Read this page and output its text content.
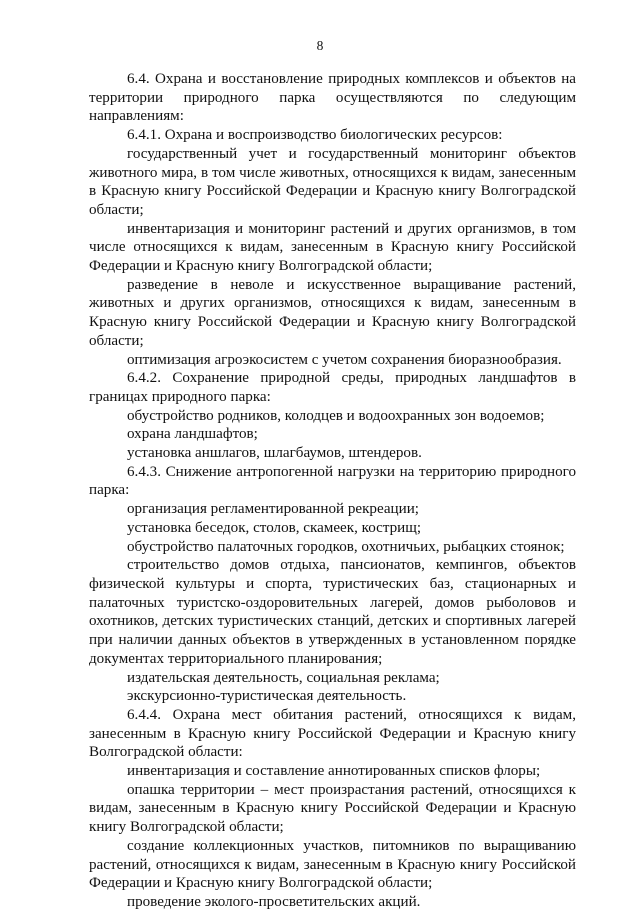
8

6.4. Охрана и восстановление природных комплексов и объектов на территории природного парка осуществляются по следующим направлениям:

6.4.1. Охрана и воспроизводство биологических ресурсов:

государственный учет и государственный мониторинг объектов животного мира, в том числе животных, относящихся к видам, занесенным в Красную книгу Российской Федерации и Красную книгу Волгоградской области;

инвентаризация и мониторинг растений и других организмов, в том числе относящихся к видам, занесенным в Красную книгу Российской Федерации и Красную книгу Волгоградской области;

разведение в неволе и искусственное выращивание растений, животных и других организмов, относящихся к видам, занесенным в Красную книгу Российской Федерации и Красную книгу Волгоградской области;

оптимизация агроэкосистем с учетом сохранения биоразнообразия.

6.4.2. Сохранение природной среды, природных ландшафтов в границах природного парка:

обустройство родников, колодцев и водоохранных зон водоемов;

охрана ландшафтов;

установка аншлагов, шлагбаумов, штендеров.

6.4.3. Снижение антропогенной нагрузки на территорию природного парка:

организация регламентированной рекреации;

установка беседок, столов, скамеек, кострищ;

обустройство палаточных городков, охотничьих, рыбацких стоянок;

строительство домов отдыха, пансионатов, кемпингов, объектов физической культуры и спорта, туристических баз, стационарных и палаточных туристско-оздоровительных лагерей, домов рыболовов и охотников, детских туристических станций, детских и спортивных лагерей при наличии данных объектов в утвержденных в установленном порядке документах территориального планирования;

издательская деятельность, социальная реклама;

экскурсионно-туристическая деятельность.

6.4.4. Охрана мест обитания растений, относящихся к видам, занесенным в Красную книгу Российской Федерации и Красную книгу Волгоградской области:

инвентаризация и составление аннотированных списков флоры;

опашка территории – мест произрастания растений, относящихся к видам, занесенным в Красную книгу Российской Федерации и Красную книгу Волгоградской области;

создание коллекционных участков, питомников по выращиванию растений, относящихся к видам, занесенным в Красную книгу Российской Федерации и Красную книгу Волгоградской области;

проведение эколого-просветительских акций.
